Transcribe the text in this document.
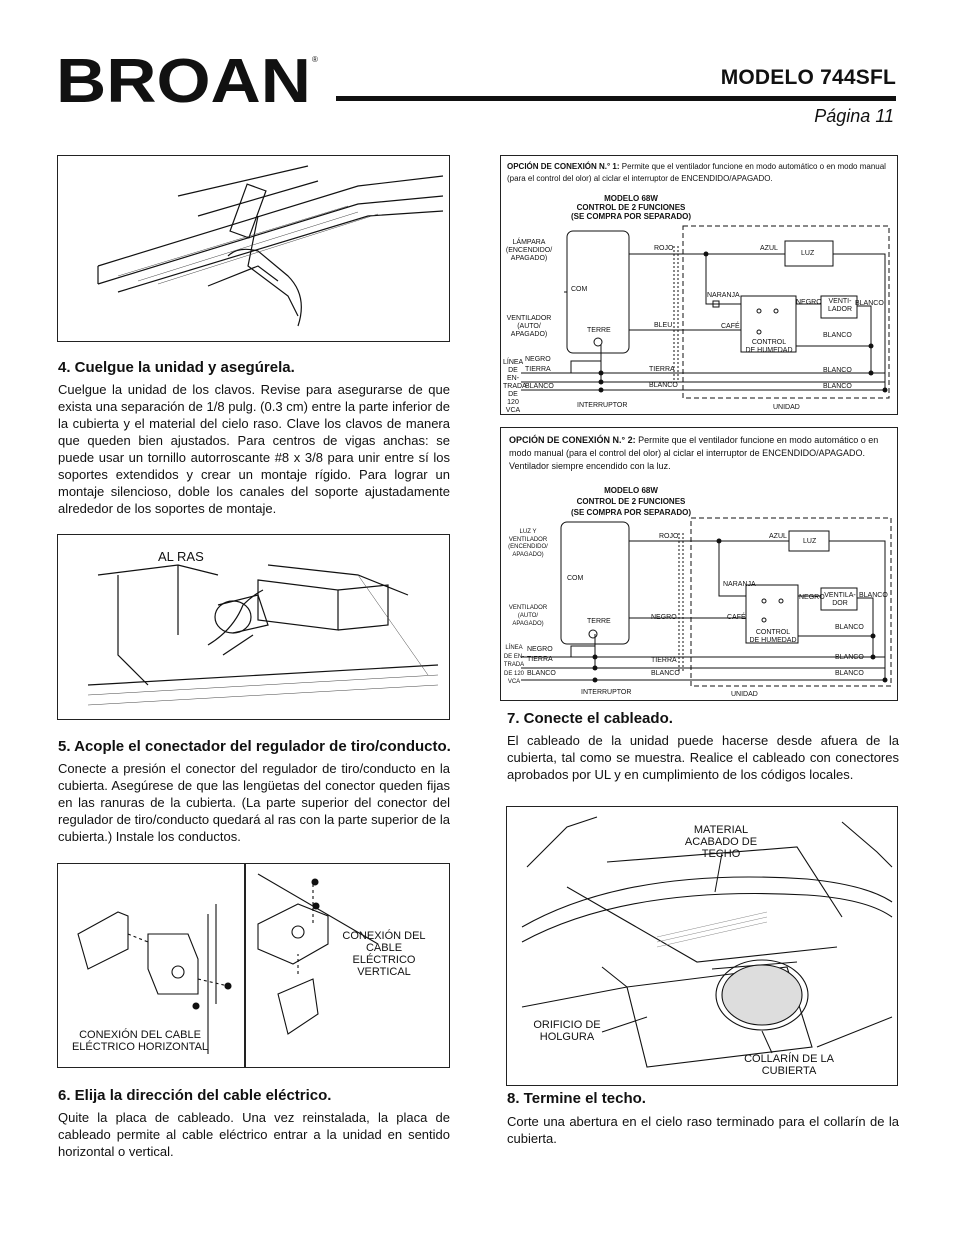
BROAN ®
MODELO 744SFL
Página 11
4. Cuelgue la unidad y asegúrela.
Cuelgue la unidad de los clavos. Revise para asegurarse de que exista una separación de 1/8 pulg. (0.3 cm) entre la parte inferior de la cubierta y el material del cielo raso. Clave los clavos de manera que queden bien ajustados. Para centros de vigas anchas: se puede usar un tornillo autorroscante #8 x 3/8 para unir entre sí los soportes extendidos y crear un montaje rígido. Para lograr un montaje silencioso, doble los canales del soporte ajustadamente alrededor de los soportes de montaje.
AL RAS
5. Acople el conectador del regulador de tiro/conducto.
Conecte a presión el conector del regulador de tiro/conducto en la cubierta. Asegúrese de que las lengüetas del conector queden fijas en las ranuras de la cubierta. (La parte superior del conector del regulador de tiro/conducto quedará al ras con la parte superior de la cubierta.) Instale los conductos.
CONEXIÓN DEL CABLE ELÉCTRICO VERTICAL
CONEXIÓN DEL CABLE ELÉCTRICO HORIZONTAL
6. Elija la dirección del cable eléctrico.
Quite la placa de cableado. Una vez reinstalada, la placa de cableado permite al cable eléctrico entrar a la unidad en sentido horizontal o vertical.
OPCIÓN DE CONEXIÓN N.° 1: Permite que el ventilador funcione en modo automático o en modo manual (para el control del olor) al ciclar el interruptor de ENCENDIDO/APAGADO.
MODELO 68W
CONTROL DE 2 FUNCIONES
(SE COMPRA POR SEPARADO)
LÁMPARA
(ENCENDIDO/
APAGADO)
VENTILADOR
(AUTO/
APAGADO)
LÍNEA
DE EN-
TRADA
DE 120
VCA
COM
TERRE
ROJO
BLEU
AZUL
LUZ
NARANJA
CAFÉ
NEGRO VENTI-
LADOR
BLANCO
CONTROL
DE HUMEDAD
BLANCO
NEGRO
TIERRA
BLANCO
TIERRA
BLANCO
BLANCO
BLANCO
INTERRUPTOR	UNIDAD
OPCIÓN DE CONEXIÓN N.° 2: Permite que el ventilador funcione en modo automático o en modo manual (para el control del olor) al ciclar el interruptor de ENCENDIDO/APAGADO. Ventilador siempre encendido con la luz.
MODELO 68W
CONTROL DE 2 FUNCIONES
(SE COMPRA POR SEPARADO)
LUZ Y
VENTILADOR
(ENCENDIDO/
APAGADO)
VENTILADOR
(AUTO/
APAGADO)
LÍNEA
DE EN-
TRADA
DE 120
VCA
COM
TERRE
ROJO
NEGRO
AZUL
LUZ
NARANJA
CAFÉ
NEGRO VENTILA-
DOR
BLANCO
CONTROL
DE HUMEDAD
BLANCO
NEGRO
TIERRA
BLANCO
TIERRA
BLANCO
BLANCO
BLANCO
INTERRUPTOR	UNIDAD
7. Conecte el cableado.
El cableado de la unidad puede hacerse desde afuera de la cubierta, tal como se muestra. Realice el cableado con conectores aprobados por UL y en cumplimiento de los códigos locales.
MATERIAL ACABADO DE TECHO
ORIFICIO DE HOLGURA
COLLARÍN DE LA CUBIERTA
8. Termine el techo.
Corte una abertura en el cielo raso terminado para el collarín de la cubierta.
